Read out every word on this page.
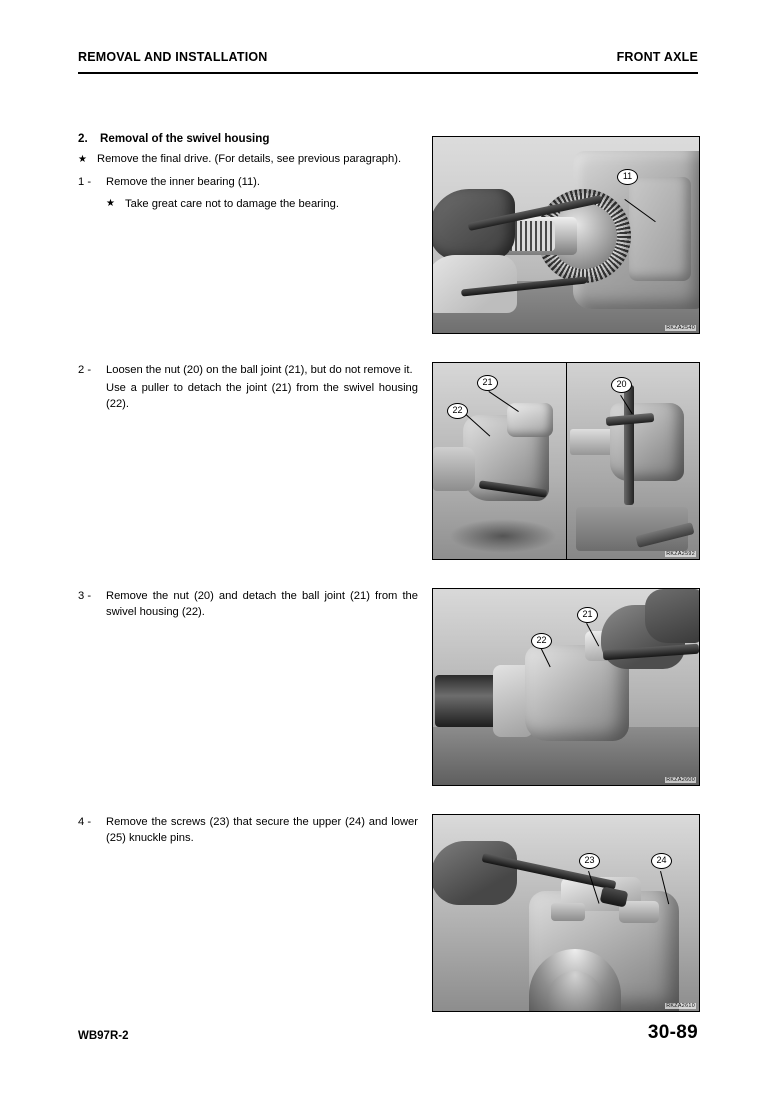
REMOVAL AND INSTALLATION	FRONT AXLE
2.	Removal of the swivel housing
★ Remove the final drive. (For details, see previous paragraph).
1 -	Remove the inner bearing (11).
★ Take great care not to damage the bearing.
11
RKZA2540
2 -	Loosen the nut (20) on the ball joint (21), but do not remove it.
Use a puller to detach the joint (21) from the swivel housing (22).
21
22
20
RKZA2592
3 -	Remove the nut (20) and detach the ball joint (21) from the swivel housing (22).	21
22
RKZA2600
4 -	Remove the screws (23) that secure the upper (24) and lower (25) knuckle pins.
23	24
RKZA2610
WB97R-2	30-89
